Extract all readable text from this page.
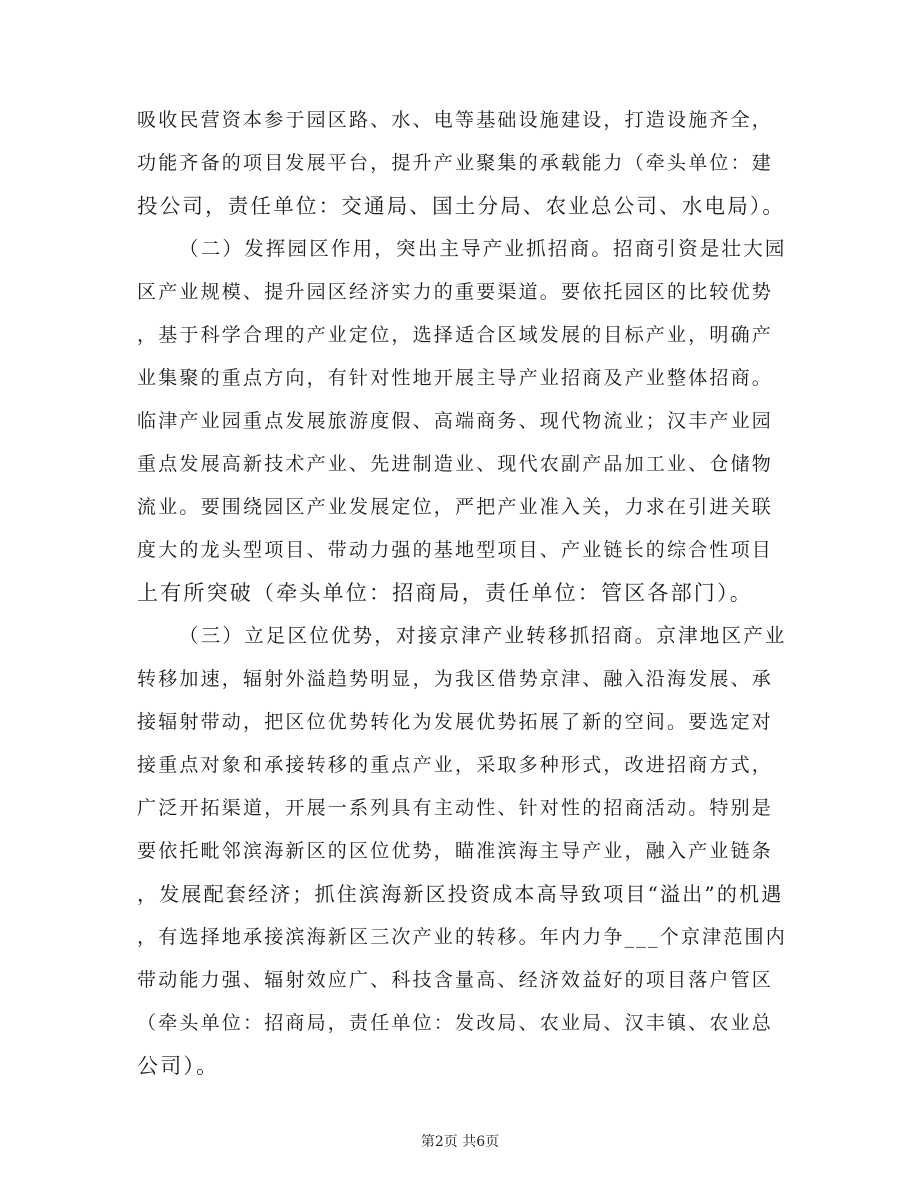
吸收民营资本参于园区路、水、电等基础设施建设，打造设施齐全，
功能齐备的项目发展平台，提升产业聚集的承载能力（牵头单位：建
投公司，责任单位：交通局、国土分局、农业总公司、水电局）。
（二）发挥园区作用，突出主导产业抓招商。招商引资是壮大园
区产业规模、提升园区经济实力的重要渠道。要依托园区的比较优势
，基于科学合理的产业定位，选择适合区域发展的目标产业，明确产
业集聚的重点方向，有针对性地开展主导产业招商及产业整体招商。
临津产业园重点发展旅游度假、高端商务、现代物流业；汉丰产业园
重点发展高新技术产业、先进制造业、现代农副产品加工业、仓储物
流业。要围绕园区产业发展定位，严把产业准入关，力求在引进关联
度大的龙头型项目、带动力强的基地型项目、产业链长的综合性项目
上有所突破（牵头单位：招商局，责任单位：管区各部门）。
（三）立足区位优势，对接京津产业转移抓招商。京津地区产业
转移加速，辐射外溢趋势明显，为我区借势京津、融入沿海发展、承
接辐射带动，把区位优势转化为发展优势拓展了新的空间。要选定对
接重点对象和承接转移的重点产业，采取多种形式，改进招商方式，
广泛开拓渠道，开展一系列具有主动性、针对性的招商活动。特别是
要依托毗邻滨海新区的区位优势，瞄准滨海主导产业，融入产业链条
，发展配套经济；抓住滨海新区投资成本高导致项目“溢出”的机遇
，有选择地承接滨海新区三次产业的转移。年内力争___个京津范围内
带动能力强、辐射效应广、科技含量高、经济效益好的项目落户管区
（牵头单位：招商局，责任单位：发改局、农业局、汉丰镇、农业总
公司）。
第2页 共6页
